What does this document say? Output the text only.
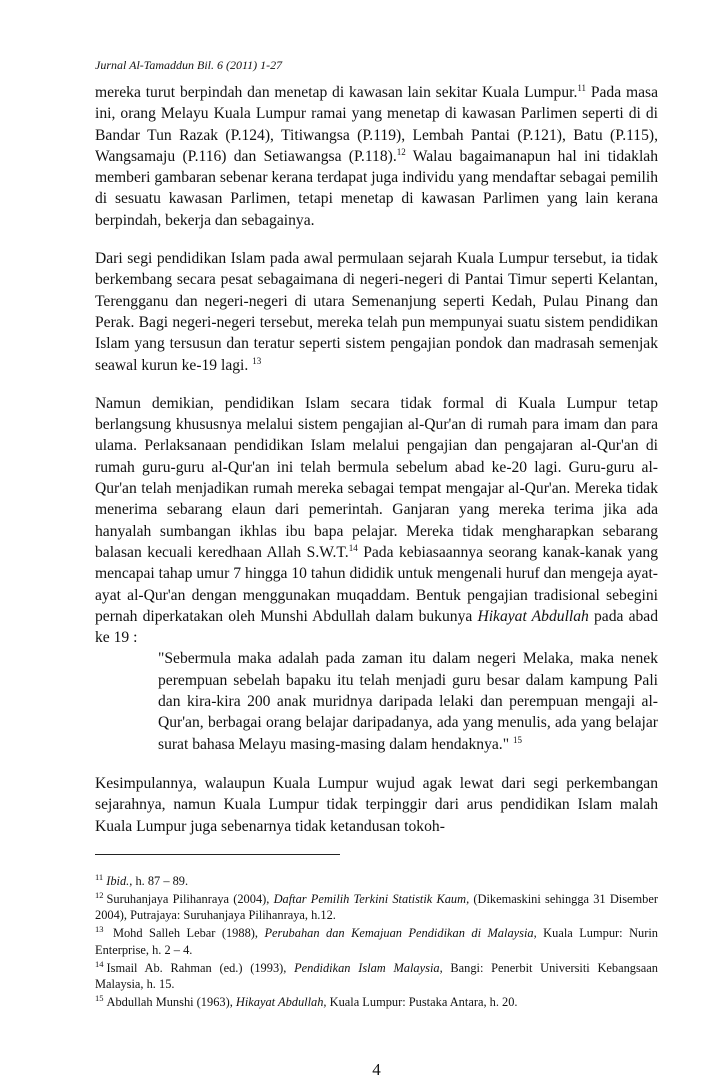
Jurnal Al-Tamaddun Bil. 6 (2011) 1-27

mereka turut berpindah dan menetap di kawasan lain sekitar Kuala Lumpur.$^{11}$ Pada masa ini, orang Melayu Kuala Lumpur ramai yang menetap di kawasan Parlimen seperti di di Bandar Tun Razak (P.124), Titiwangsa (P.119), Lembah Pantai (P.121), Batu (P.115), Wangsamaju (P.116) dan Setiawangsa (P.118).$^{12}$ Walau bagaimanapun hal ini tidaklah memberi gambaran sebenar kerana terdapat juga individu yang mendaftar sebagai pemilih di sesuatu kawasan Parlimen, tetapi menetap di kawasan Parlimen yang lain kerana berpindah, bekerja dan sebagainya.

Dari segi pendidikan Islam pada awal permulaan sejarah Kuala Lumpur tersebut, ia tidak berkembang secara pesat sebagaimana di negeri-negeri di Pantai Timur seperti Kelantan, Terengganu dan negeri-negeri di utara Semenanjung seperti Kedah, Pulau Pinang dan Perak. Bagi negeri-negeri tersebut, mereka telah pun mempunyai suatu sistem pendidikan Islam yang tersusun dan teratur seperti sistem pengajian pondok dan madrasah semenjak seawal kurun ke-19 lagi. $^{13}$

Namun demikian, pendidikan Islam secara tidak formal di Kuala Lumpur tetap berlangsung khususnya melalui sistem pengajian al-Qur'an di rumah para imam dan para ulama. Perlaksanaan pendidikan Islam melalui pengajian dan pengajaran al-Qur'an di rumah guru-guru al-Qur'an ini telah bermula sebelum abad ke-20 lagi. Guru-guru al-Qur'an telah menjadikan rumah mereka sebagai tempat mengajar al-Qur'an. Mereka tidak menerima sebarang elaun dari pemerintah. Ganjaran yang mereka terima jika ada hanyalah sumbangan ikhlas ibu bapa pelajar. Mereka tidak mengharapkan sebarang balasan kecuali keredhaan Allah S.W.T.$^{14}$ Pada kebiasaannya seorang kanak-kanak yang mencapai tahap umur 7 hingga 10 tahun dididik untuk mengenali huruf dan mengeja ayat-ayat al-Qur'an dengan menggunakan muqaddam. Bentuk pengajian tradisional sebegini pernah diperkatakan oleh Munshi Abdullah dalam bukunya Hikayat Abdullah pada abad ke 19 :

"Sebermula maka adalah pada zaman itu dalam negeri Melaka, maka nenek perempuan sebelah bapaku itu telah menjadi guru besar dalam kampung Pali dan kira-kira 200 anak muridnya daripada lelaki dan perempuan mengaji al-Qur'an, berbagai orang belajar daripadanya, ada yang menulis, ada yang belajar surat bahasa Melayu masing-masing dalam hendaknya." $^{15}$

Kesimpulannya, walaupun Kuala Lumpur wujud agak lewat dari segi perkembangan sejarahnya, namun Kuala Lumpur tidak terpinggir dari arus pendidikan Islam malah Kuala Lumpur juga sebenarnya tidak ketandusan tokoh-

$^{11}$ Ibid., h. 87 – 89.

$^{12}$ Suruhanjaya Pilihanraya (2004), Daftar Pemilih Terkini Statistik Kaum, (Dikemaskini sehingga 31 Disember 2004), Putrajaya: Suruhanjaya Pilihanraya, h.12.

$^{13}$ Mohd Salleh Lebar (1988), Perubahan dan Kemajuan Pendidikan di Malaysia, Kuala Lumpur: Nurin Enterprise, h. 2 – 4.

$^{14}$ Ismail Ab. Rahman (ed.) (1993), Pendidikan Islam Malaysia, Bangi: Penerbit Universiti Kebangsaan Malaysia, h. 15.

$^{15}$ Abdullah Munshi (1963), Hikayat Abdullah, Kuala Lumpur: Pustaka Antara, h. 20.

4
